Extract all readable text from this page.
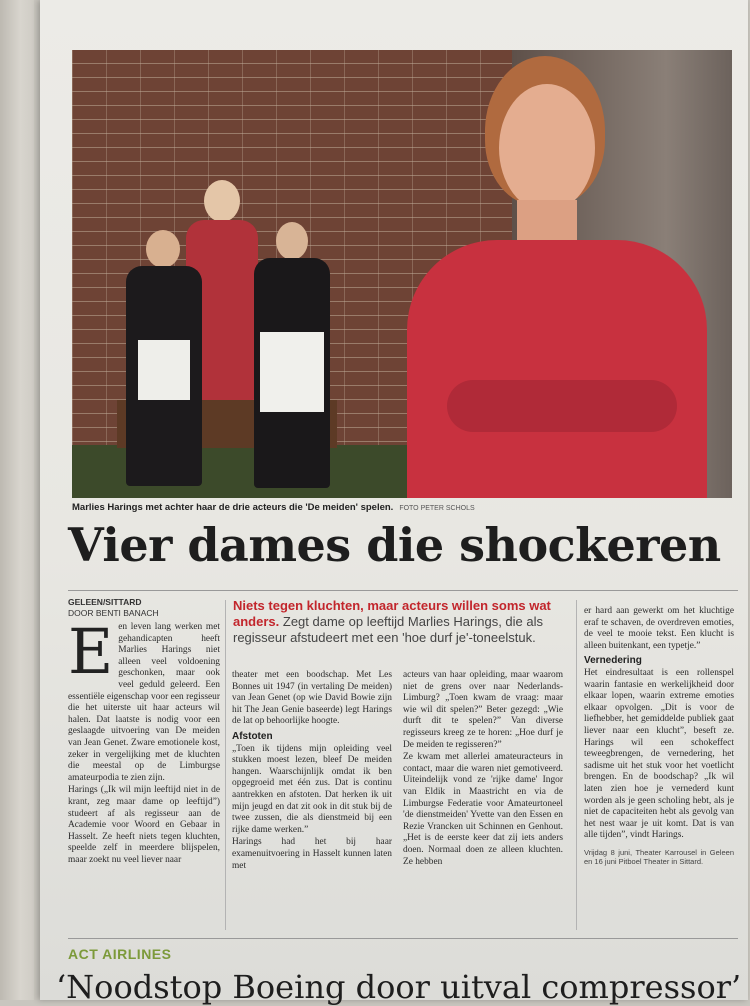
Marlies Harings met achter haar de drie acteurs die 'De meiden' spelen. FOTO PETER SCHOLS
Vier dames die shockeren
GELEEN/SITTARD
DOOR BENTI BANACH	Niets tegen kluchten, maar acteurs willen soms wat anders. Zegt dame op leeftijd Marlies Harings, die als regisseur afstudeert met een 'hoe durf je'-toneelstuk.
E en leven lang werken met gehandicapten heeft Marlies Harings niet alleen veel voldoening geschonken, maar ook veel geduld geleerd. Een essentiële eigenschap voor een regisseur die het uiterste uit haar acteurs wil halen. Dat laatste is nodig voor een geslaagde uitvoering van De meiden van Jean Genet. Zware emotionele kost, zeker in vergelijking met de kluchten die meestal op de Limburgse amateurpodia te zien zijn.

Harings („Ik wil mijn leeftijd niet in de krant, zeg maar dame op leeftijd”) studeert af als regisseur aan de Academie voor Woord en Gebaar in Hasselt. Ze heeft niets tegen kluchten, speelde zelf in meerdere blijspelen, maar zoekt nu veel liever naar

theater met een boodschap. Met Les Bonnes uit 1947 (in vertaling De meiden) van Jean Genet (op wie David Bowie zijn hit The Jean Genie baseerde) legt Harings de lat op behoorlijke hoogte.

Afstoten

„Toen ik tijdens mijn opleiding veel stukken moest lezen, bleef De meiden hangen. Waarschijnlijk omdat ik ben opgegroeid met één zus. Dat is continu aantrekken en afstoten. Dat herken ik uit mijn jeugd en dat zit ook in dit stuk bij de twee zussen, die als dienstmeid bij een rijke dame werken.”

Harings had het bij haar examenuitvoering in Hasselt kunnen laten met

acteurs van haar opleiding, maar waarom niet de grens over naar Nederlands-Limburg? „Toen kwam de vraag: maar wie wil dit spelen?” Beter gezegd: „Wie durft dit te spelen?” Van diverse regisseurs kreeg ze te horen: „Hoe durf je De meiden te regisseren?”

Ze kwam met allerlei amateuracteurs in contact, maar die waren niet gemotiveerd. Uiteindelijk vond ze 'rijke dame' Ingor van Eldik in Maastricht en via de Limburgse Federatie voor Amateurtoneel 'de dienstmeiden' Yvette van den Essen en Rezie Vrancken uit Schinnen en Genhout. „Het is de eerste keer dat zij iets anders doen. Normaal doen ze alleen kluchten. Ze hebben

er hard aan gewerkt om het kluchtige eraf te schaven, de overdreven emoties, de veel te mooie tekst. Een klucht is alleen buitenkant, een typetje.”

Vernedering

Het eindresultaat is een rollenspel waarin fantasie en werkelijkheid door elkaar lopen, waarin extreme emoties elkaar opvolgen. „Dit is voor de liefhebber, het gemiddelde publiek gaat liever naar een klucht”, beseft ze. Harings wil een schokeffect teweegbrengen, de vernedering, het sadisme uit het stuk voor het voetlicht brengen. En de boodschap? „Ik wil laten zien hoe je vernederd kunt worden als je geen scholing hebt, als je niet de capaciteiten hebt als gevolg van het nest waar je uit komt. Dat is van alle tijden”, vindt Harings.

Vrijdag 8 juni, Theater Karrousel in Geleen en 16 juni Pitboel Theater in Sittard.
ACT AIRLINES
‘Noodstop Boeing door uitval compressor’
